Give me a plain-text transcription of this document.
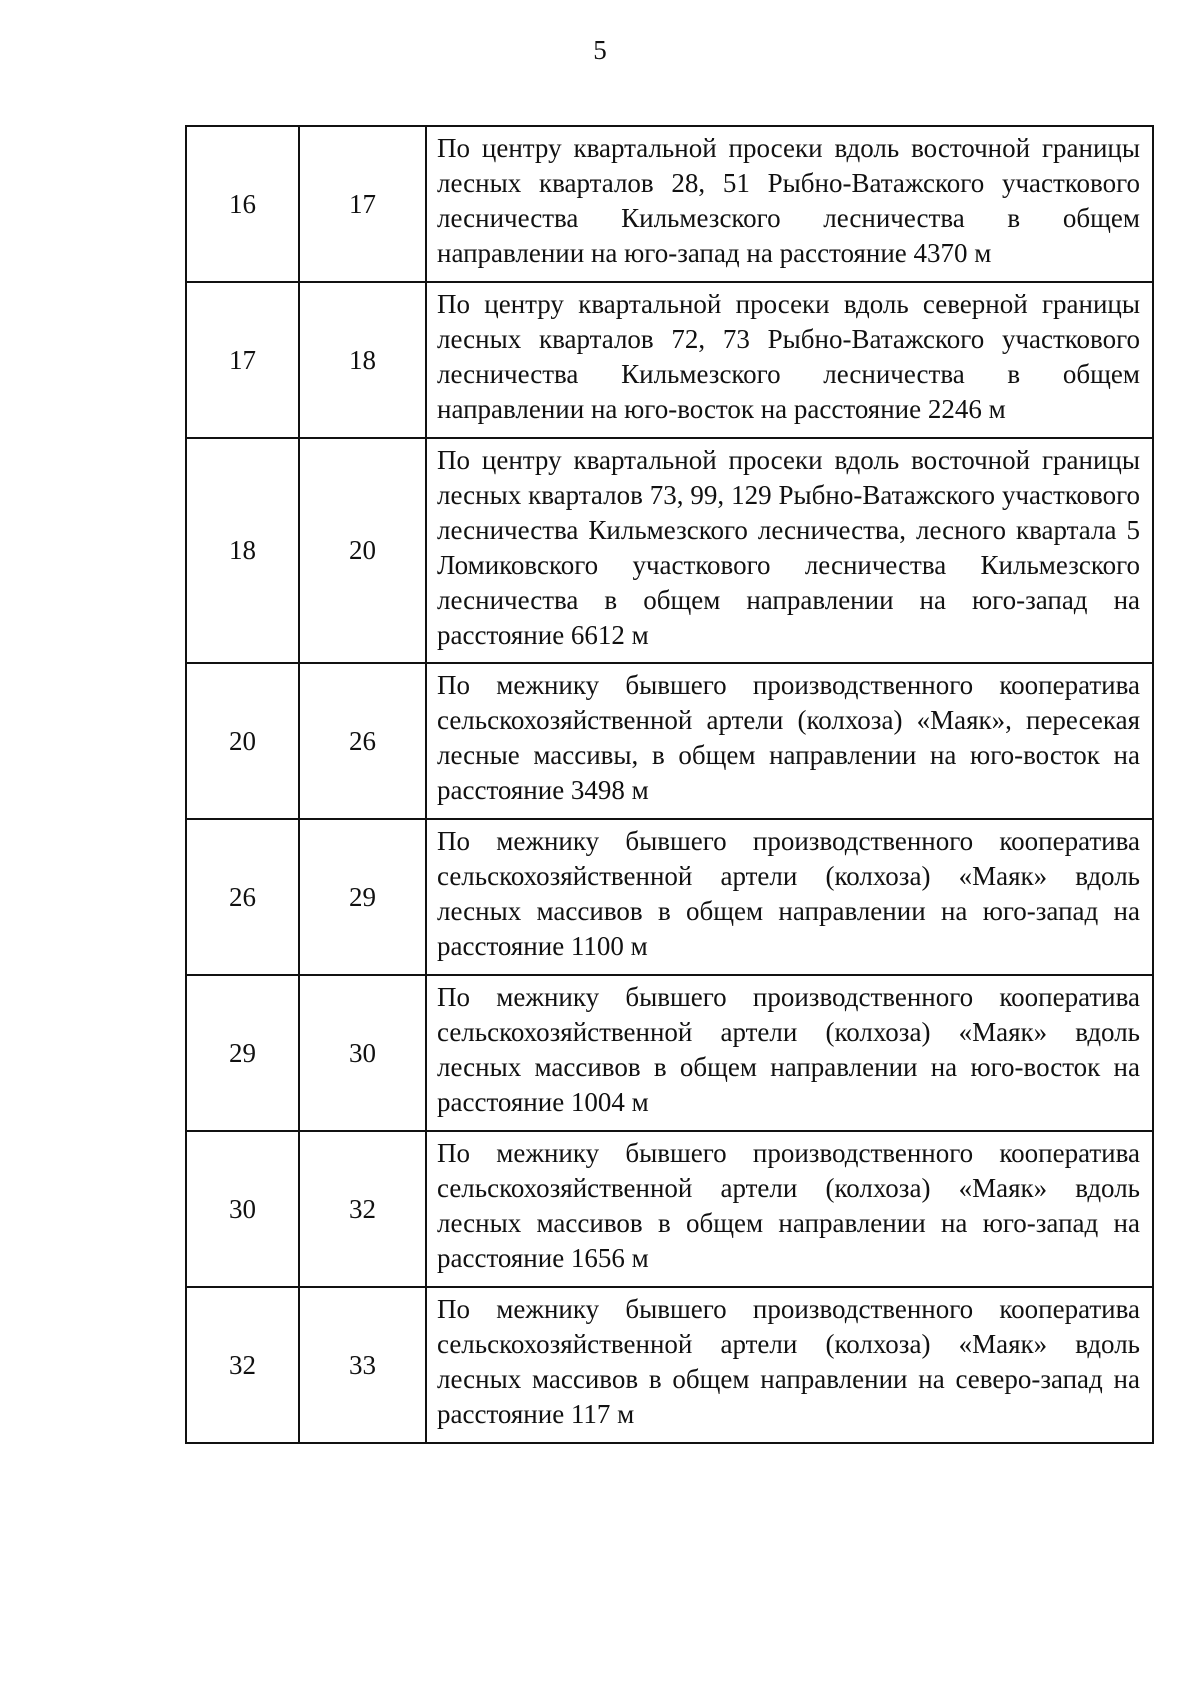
5
16	17	По центру квартальной просеки вдоль восточной границы лесных кварталов 28, 51 Рыбно-Ватажского участкового лесничества Кильмезского лесничества в общем направлении на юго-запад на расстояние 4370 м
17	18	По центру квартальной просеки вдоль северной границы лесных кварталов 72, 73 Рыбно-Ватажского участкового лесничества Кильмезского лесничества в общем направлении на юго-восток на расстояние 2246 м
18	20	По центру квартальной просеки вдоль восточной границы лесных кварталов 73, 99, 129 Рыбно-Ватажского участкового лесничества Кильмезского лесничества, лесного квартала 5 Ломиковского участкового лесничества Кильмезского лесничества в общем направлении на юго-запад на расстояние 6612 м
20	26	По межнику бывшего производственного кооператива сельскохозяйственной артели (колхоза) «Маяк», пересекая лесные массивы, в общем направлении на юго-восток на расстояние 3498 м
26	29	По межнику бывшего производственного кооператива сельскохозяйственной артели (колхоза) «Маяк» вдоль лесных массивов в общем направлении на юго-запад на расстояние 1100 м
29	30	По межнику бывшего производственного кооператива сельскохозяйственной артели (колхоза) «Маяк» вдоль лесных массивов в общем направлении на юго-восток на расстояние 1004 м
30	32	По межнику бывшего производственного кооператива сельскохозяйственной артели (колхоза) «Маяк» вдоль лесных массивов в общем направлении на юго-запад на расстояние 1656 м
32	33	По межнику бывшего производственного кооператива сельскохозяйственной артели (колхоза) «Маяк» вдоль лесных массивов в общем направлении на северо-запад на расстояние 117 м
